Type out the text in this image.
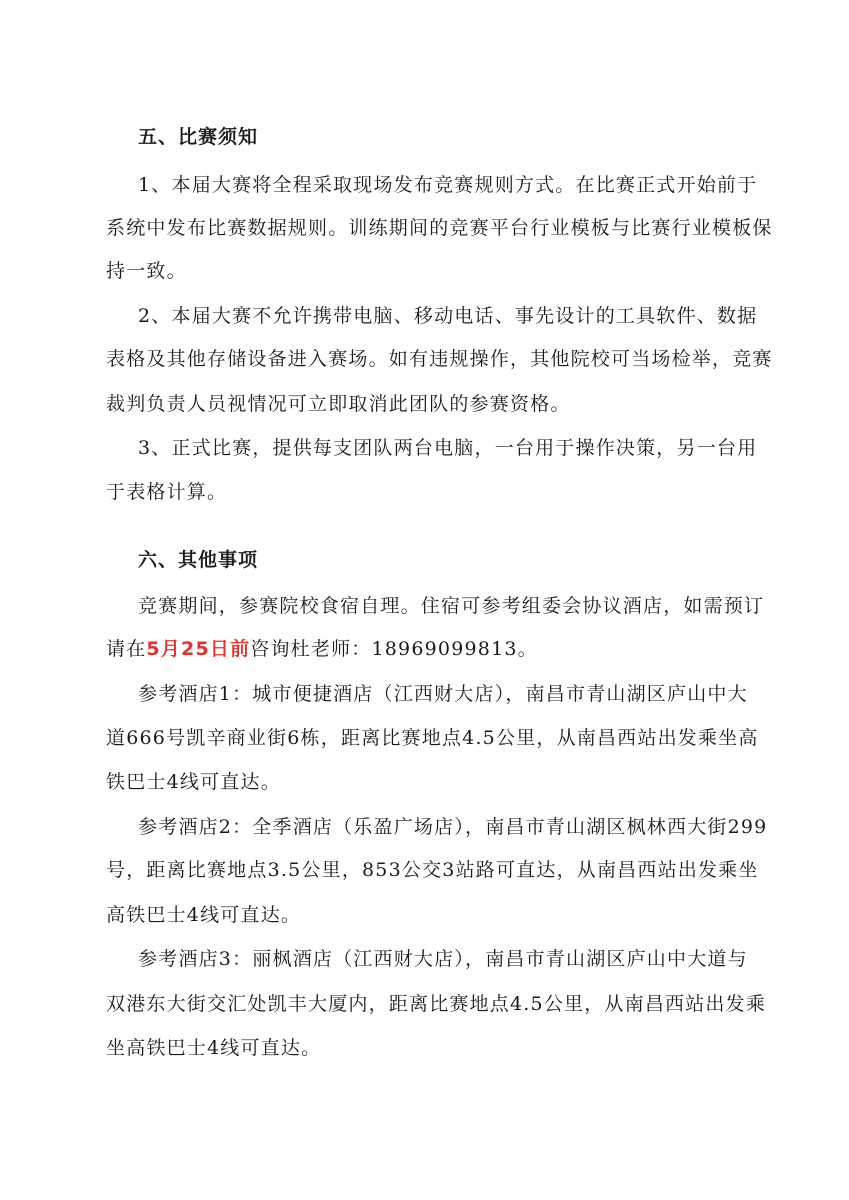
五、比赛须知
1、本届大赛将全程采取现场发布竞赛规则方式。在比赛正式开始前于
系统中发布比赛数据规则。训练期间的竞赛平台行业模板与比赛行业模板保
持一致。
2、本届大赛不允许携带电脑、移动电话、事先设计的工具软件、数据
表格及其他存储设备进入赛场。如有违规操作，其他院校可当场检举，竞赛
裁判负责人员视情况可立即取消此团队的参赛资格。
3、正式比赛，提供每支团队两台电脑，一台用于操作决策，另一台用
于表格计算。
六、其他事项
竞赛期间，参赛院校食宿自理。住宿可参考组委会协议酒店，如需预订
请在5月25日前咨询杜老师：18969099813。
参考酒店1：城市便捷酒店（江西财大店），南昌市青山湖区庐山中大
道666号凯辛商业街6栋，距离比赛地点4.5公里，从南昌西站出发乘坐高
铁巴士4线可直达。
参考酒店2：全季酒店（乐盈广场店），南昌市青山湖区枫林西大街299
号，距离比赛地点3.5公里，853公交3站路可直达，从南昌西站出发乘坐
高铁巴士4线可直达。
参考酒店3：丽枫酒店（江西财大店），南昌市青山湖区庐山中大道与
双港东大街交汇处凯丰大厦内，距离比赛地点4.5公里，从南昌西站出发乘
坐高铁巴士4线可直达。
